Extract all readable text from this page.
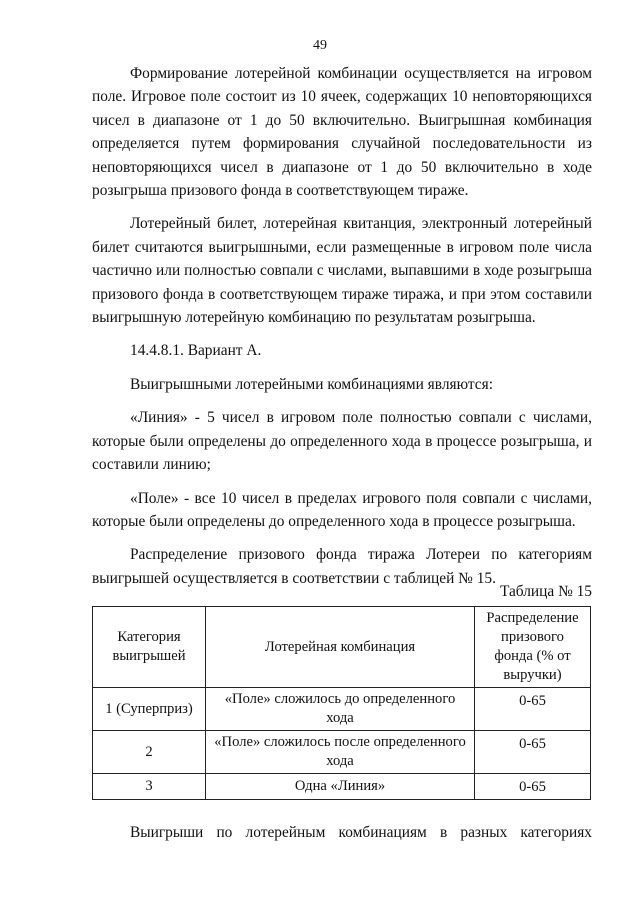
49

Формирование лотерейной комбинации осуществляется на игровом поле. Игровое поле состоит из 10 ячеек, содержащих 10 неповторяющихся чисел в диапазоне от 1 до 50 включительно. Выигрышная комбинация определяется путем формирования случайной последовательности из неповторяющихся чисел в диапазоне от 1 до 50 включительно в ходе розыгрыша призового фонда в соответствующем тираже.

Лотерейный билет, лотерейная квитанция, электронный лотерейный билет считаются выигрышными, если размещенные в игровом поле числа частично или полностью совпали с числами, выпавшими в ходе розыгрыша призового фонда в соответствующем тираже тиража, и при этом составили выигрышную лотерейную комбинацию по результатам розыгрыша.

14.4.8.1. Вариант А.

Выигрышными лотерейными комбинациями являются:

«Линия» - 5 чисел в игровом поле полностью совпали с числами, которые были определены до определенного хода в процессе розыгрыша, и составили линию;

«Поле» - все 10 чисел в пределах игрового поля совпали с числами, которые были определены до определенного хода в процессе розыгрыша.

Распределение призового фонда тиража Лотереи по категориям выигрышей осуществляется в соответствии с таблицей № 15.

Таблица № 15
Категория выигрышей	Лотерейная комбинация	Распределение призового фонда (% от выручки)
1 (Суперприз)	«Поле» сложилось до определенного хода	0-65
2	«Поле» сложилось после определенного хода	0-65
3	Одна «Линия»	0-65
Выигрыши по лотерейным комбинациям в разных категориях
